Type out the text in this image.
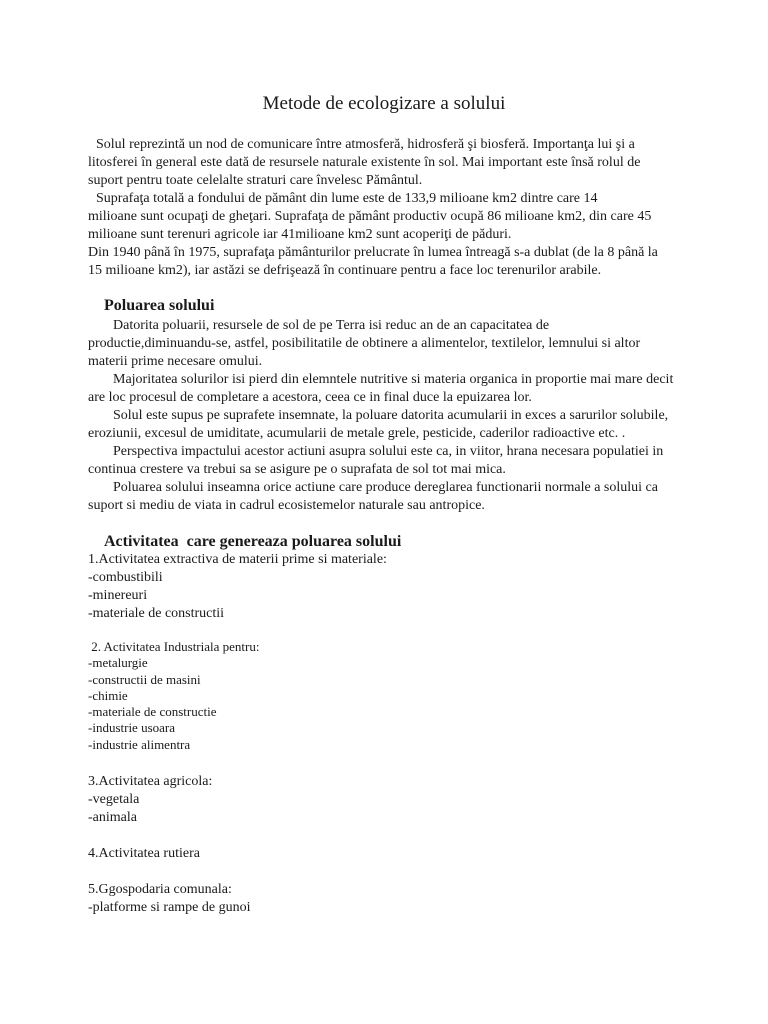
Metode de ecologizare a solului
Solul reprezintă un nod de comunicare între atmosferă, hidrosferă şi biosferă. Importanţa lui şi a
litosferei în general este dată de resursele naturale existente în sol. Mai important este însă rolul de
suport pentru toate celelalte straturi care învelesc Pământul.
Suprafaţa totală a fondului de pământ din lume este de 133,9 milioane km2 dintre care 14
milioane sunt ocupaţi de gheţari. Suprafaţa de pământ productiv ocupă 86 milioane km2, din care 45
milioane sunt terenuri agricole iar 41milioane km2 sunt acoperiţi de păduri.
Din 1940 până în 1975, suprafaţa pământurilor prelucrate în lumea întreagă s-a dublat (de la 8 până la
15 milioane km2), iar astăzi se defrişează în continuare pentru a face loc terenurilor arabile.
Poluarea solului
Datorita poluarii, resursele de sol de pe Terra isi reduc an de an capacitatea de
productie,diminuandu-se, astfel, posibilitatile de obtinere a alimentelor, textilelor, lemnului si altor
materii prime necesare omului.
Majoritatea solurilor isi pierd din elemntele nutritive si materia organica in proportie mai mare decit
are loc procesul de completare a acestora, ceea ce in final duce la epuizarea lor.
Solul este supus pe suprafete insemnate, la poluare datorita acumularii in exces a sarurilor solubile,
eroziunii, excesul de umiditate, acumularii de metale grele, pesticide, caderilor radioactive etc. .
Perspectiva impactului acestor actiuni asupra solului este ca, in viitor, hrana necesara populatiei in
continua crestere va trebui sa se asigure pe o suprafata de sol tot mai mica.
Poluarea solului inseamna orice actiune care produce dereglarea functionarii normale a solului ca
suport si mediu de viata in cadrul ecosistemelor naturale sau antropice.
Activitatea  care genereaza poluarea solului
1.Activitatea extractiva de materii prime si materiale:
-combustibili
-minereuri
-materiale de constructii
2. Activitatea Industriala pentru:
-metalurgie
-constructii de masini
-chimie
-materiale de constructie
-industrie usoara
-industrie alimentra
3.Activitatea agricola:
-vegetala
-animala
4.Activitatea rutiera
5.Ggospodaria comunala:
-platforme si rampe de gunoi
